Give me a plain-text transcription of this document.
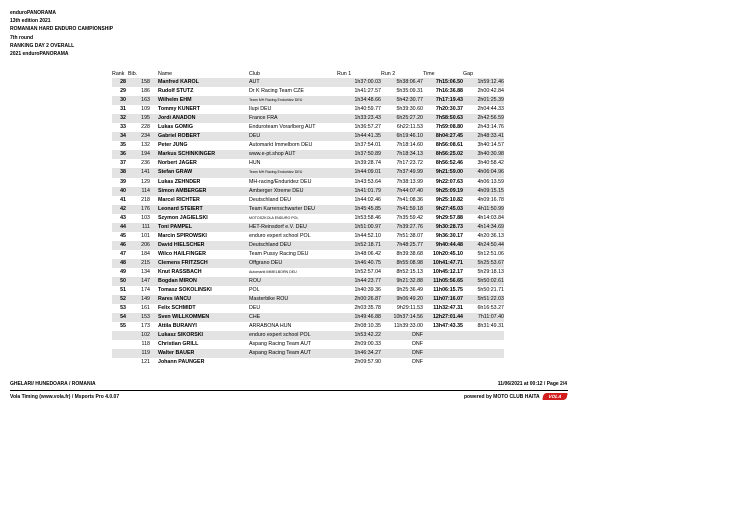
enduroPANORAMA
13th edition 2021
ROMANIAN HARD ENDURO CAMPIONSHIP
7th round
RANKING DAY 2 OVERALL
2021 enduroPANORAMA
Rank	Bib.	Name	Club	Run 1	Run 2	Time	Gap
28	158	Manfred KAROL	AUT	1h37:00.03	5h38:06.47	7h15:06.50	1h59:12.46
29	186	Rudolf STUTZ	Dr K Racing Team CZE	1h41:27.57	5h35:09.31	7h16:36.88	2h00:42.84
30	163	Wilhelm EHM	Team MH Racing Enduridez DEU	1h34:48.66	5h42:30.77	7h17:19.43	2h01:25.39
31	109	Tommy KUNERT	Ilupi DEU	1h40:59.77	5h39:30.60	7h20:30.37	2h04:44.33
32	195	Jordi ANADON	France FRA	1h33:23.43	6h25:27.20	7h58:50.63	2h42:56.59
33	228	Lukas GOMIG	Enduroteam Vorarlberg AUT	1h36:57.27	6h22:11.53	7h59:08.80	2h43:14.76
34	234	Gabriel ROBERT	DEU	1h44:41.35	6h19:46.10	8h04:27.45	2h48:33.41
35	132	Peter JUNG	Automarkt Immelborn DEU	1h37:54.01	7h18:14.60	8h56:08.61	3h40:14.57
36	194	Markus SCHINKINGER	www.e-pt.shop AUT	1h37:50.89	7h18:34.13	8h56:25.02	3h40:30.98
37	236	Norbert JAGER	HUN	1h39:28.74	7h17:23.72	8h56:52.46	3h40:58.42
38	141	Stefan GRAW	Team MH Racing Enduridez DEU	1h44:09.01	7h37:49.99	9h21:59.00	4h06:04.96
39	129	Lukas ZEHNDER	MH-racing/Enduridez DEU	1h43:53.64	7h38:13.99	9h22:07.63	4h06:13.59
40	114	Simon AMBERGER	Amberger Xtreme DEU	1h41:01.79	7h44:07.40	9h25:09.19	4h09:15.15
41	218	Marcel RICHTER	Deutschland DEU	1h44:02.46	7h41:08.36	9h25:10.82	4h09:16.78
42	176	Leonard STEIERT	Team Karrenschwarter DEU	1h45:45.85	7h41:59.18	9h27:45.03	4h11:50.99
43	103	Szymon JAGIELSKI	MOTOSZKOLA ENDURO POL	1h53:58.46	7h35:59.42	9h29:57.88	4h14:03.84
44	111	Toni PAMPEL	HET-Reinsdorf e.V. DEU	1h51:00.97	7h39:27.76	9h30:28.73	4h14:34.69
45	101	Marcin SPIROWSKI	enduro expert school POL	1h44:52.10	7h51:38.07	9h36:30.17	4h20:36.13
46	206	David HIELSCHER	Deutschland DEU	1h52:18.71	7h48:25.77	9h40:44.48	4h24:50.44
47	184	Wilco HAILFINGER	Team Pussy Racing DEU	1h48:06.42	8h39:38.68	10h20:45.10	5h12:51.06
48	215	Clemens FRITZSCH	Offgrano DEU	1h46:40.75	8h55:08.98	10h41:47.71	5h25:53.67
49	134	Knut RASSBACH	Automarkt IMMELBORN DEU	1h52:57.04	8h52:15.13	10h45:12.17	5h29:18.13
50	147	Bogdan MIRON	ROU	1h44:23.77	9h21:32.88	11h05:56.65	5h50:02.61
51	174	Tomasz SOKOLINSKI	POL	1h40:39.36	9h25:36.49	11h06:15.75	5h50:21.71
52	149	Rares IANCU	Masterbike ROU	2h00:26.87	9h06:49.20	11h07:16.07	5h51:22.03
53	161	Felix SCHMIDT	DEU	2h03:35.78	9h29:11.53	11h32:47.31	6h16:53.27
54	153	Sven WILLKOMMEN	CHE	1h49:46.88	10h37:14.56	12h27:01.44	7h11:07.40
55	173	Attila BURANYI	ARRABONA HUN	2h08:10.35	11h39:33.00	13h47:43.35	8h31:49.31
	102	Lukasz SIKORSKI	enduro expert school POL	1h53:42.22	DNF		
	118	Christian GRILL	Aspang Racing Team AUT	2h09:00.33	DNF		
	119	Walter BAUER	Aspang Racing Team AUT	1h46:34.27	DNF		
	121	Johann PAUNGER		2h09:57.90	DNF		
GHELARI/ HUNEDOARA / ROMANIA	11/06/2021 at 00:12 / Page 2/4
Vola Timing (www.vola.fr) / Msports Pro 4.0.07	powered by MOTO CLUB HAITA	VOLA
